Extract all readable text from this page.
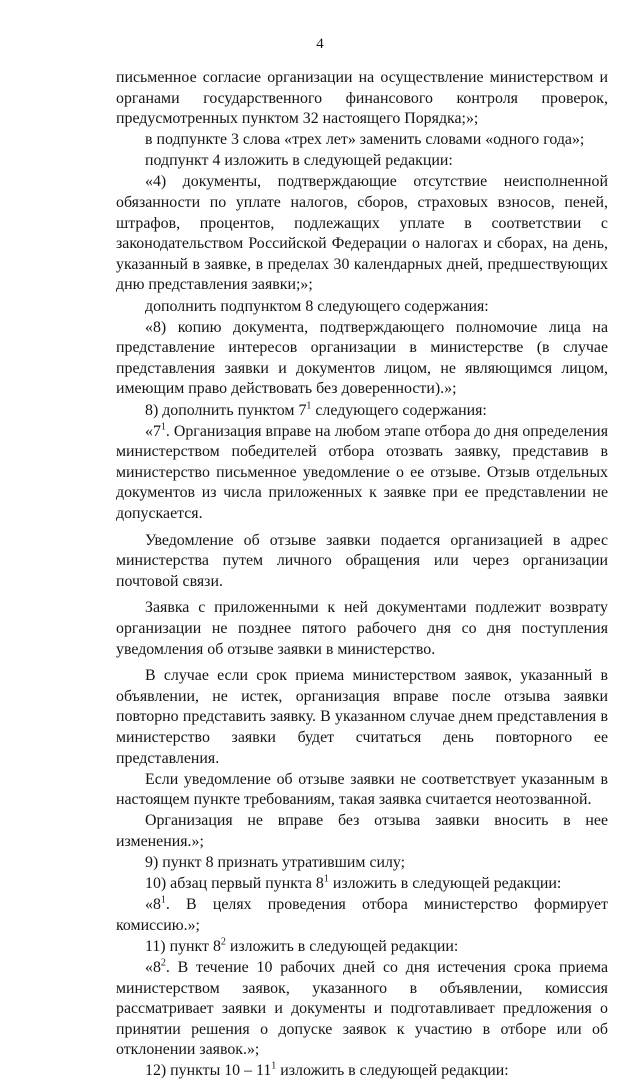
4

письменное согласие организации на осуществление министерством и органами государственного финансового контроля проверок, предусмотренных пунктом 32 настоящего Порядка;»;

в подпункте 3 слова «трех лет» заменить словами «одного года»;

подпункт 4 изложить в следующей редакции:

«4) документы, подтверждающие отсутствие неисполненной обязанности по уплате налогов, сборов, страховых взносов, пеней, штрафов, процентов, подлежащих уплате в соответствии с законодательством Российской Федерации о налогах и сборах, на день, указанный в заявке, в пределах 30 календарных дней, предшествующих дню представления заявки;»;

дополнить подпунктом 8 следующего содержания:

«8) копию документа, подтверждающего полномочие лица на представление интересов организации в министерстве (в случае представления заявки и документов лицом, не являющимся лицом, имеющим право действовать без доверенности).»;

8) дополнить пунктом $7^1$ следующего содержания:

«$7^1$. Организация вправе на любом этапе отбора до дня определения министерством победителей отбора отозвать заявку, представив в министерство письменное уведомление о ее отзыве. Отзыв отдельных документов из числа приложенных к заявке при ее представлении не допускается.

Уведомление об отзыве заявки подается организацией в адрес министерства путем личного обращения или через организации почтовой связи.

Заявка с приложенными к ней документами подлежит возврату организации не позднее пятого рабочего дня со дня поступления уведомления об отзыве заявки в министерство.

В случае если срок приема министерством заявок, указанный в объявлении, не истек, организация вправе после отзыва заявки повторно представить заявку. В указанном случае днем представления в министерство заявки будет считаться день повторного ее представления.

Если уведомление об отзыве заявки не соответствует указанным в настоящем пункте требованиям, такая заявка считается неотозванной.

Организация не вправе без отзыва заявки вносить в нее изменения.»;

9) пункт 8 признать утратившим силу;

10) абзац первый пункта $8^1$ изложить в следующей редакции:

«$8^1$. В целях проведения отбора министерство формирует комиссию.»;

11) пункт $8^2$ изложить в следующей редакции:

«$8^2$. В течение 10 рабочих дней со дня истечения срока приема министерством заявок, указанного в объявлении, комиссия рассматривает заявки и документы и подготавливает предложения о принятии решения о допуске заявок к участию в отборе или об отклонении заявок.»;

12) пункты $10 - 11^1$ изложить в следующей редакции:
